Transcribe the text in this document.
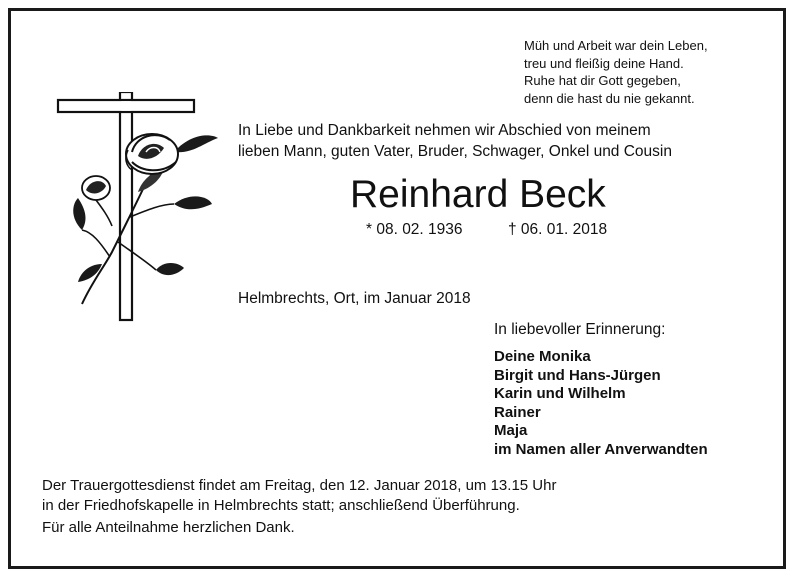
Müh und Arbeit war dein Leben,
treu und fleißig deine Hand.
Ruhe hat dir Gott gegeben,
denn die hast du nie gekannt.
In Liebe und Dankbarkeit nehmen wir Abschied von meinem
lieben Mann, guten Vater, Bruder, Schwager, Onkel und Cousin
Reinhard Beck
* 08. 02. 1936	† 06. 01. 2018
Helmbrechts, Ort, im Januar 2018
In liebevoller Erinnerung:
Deine Monika
Birgit und Hans-Jürgen
Karin und Wilhelm
Rainer
Maja
im Namen aller Anverwandten
Der Trauergottesdienst findet am Freitag, den 12. Januar 2018, um 13.15 Uhr
in der Friedhofskapelle in Helmbrechts statt; anschließend Überführung.
Für alle Anteilnahme herzlichen Dank.
